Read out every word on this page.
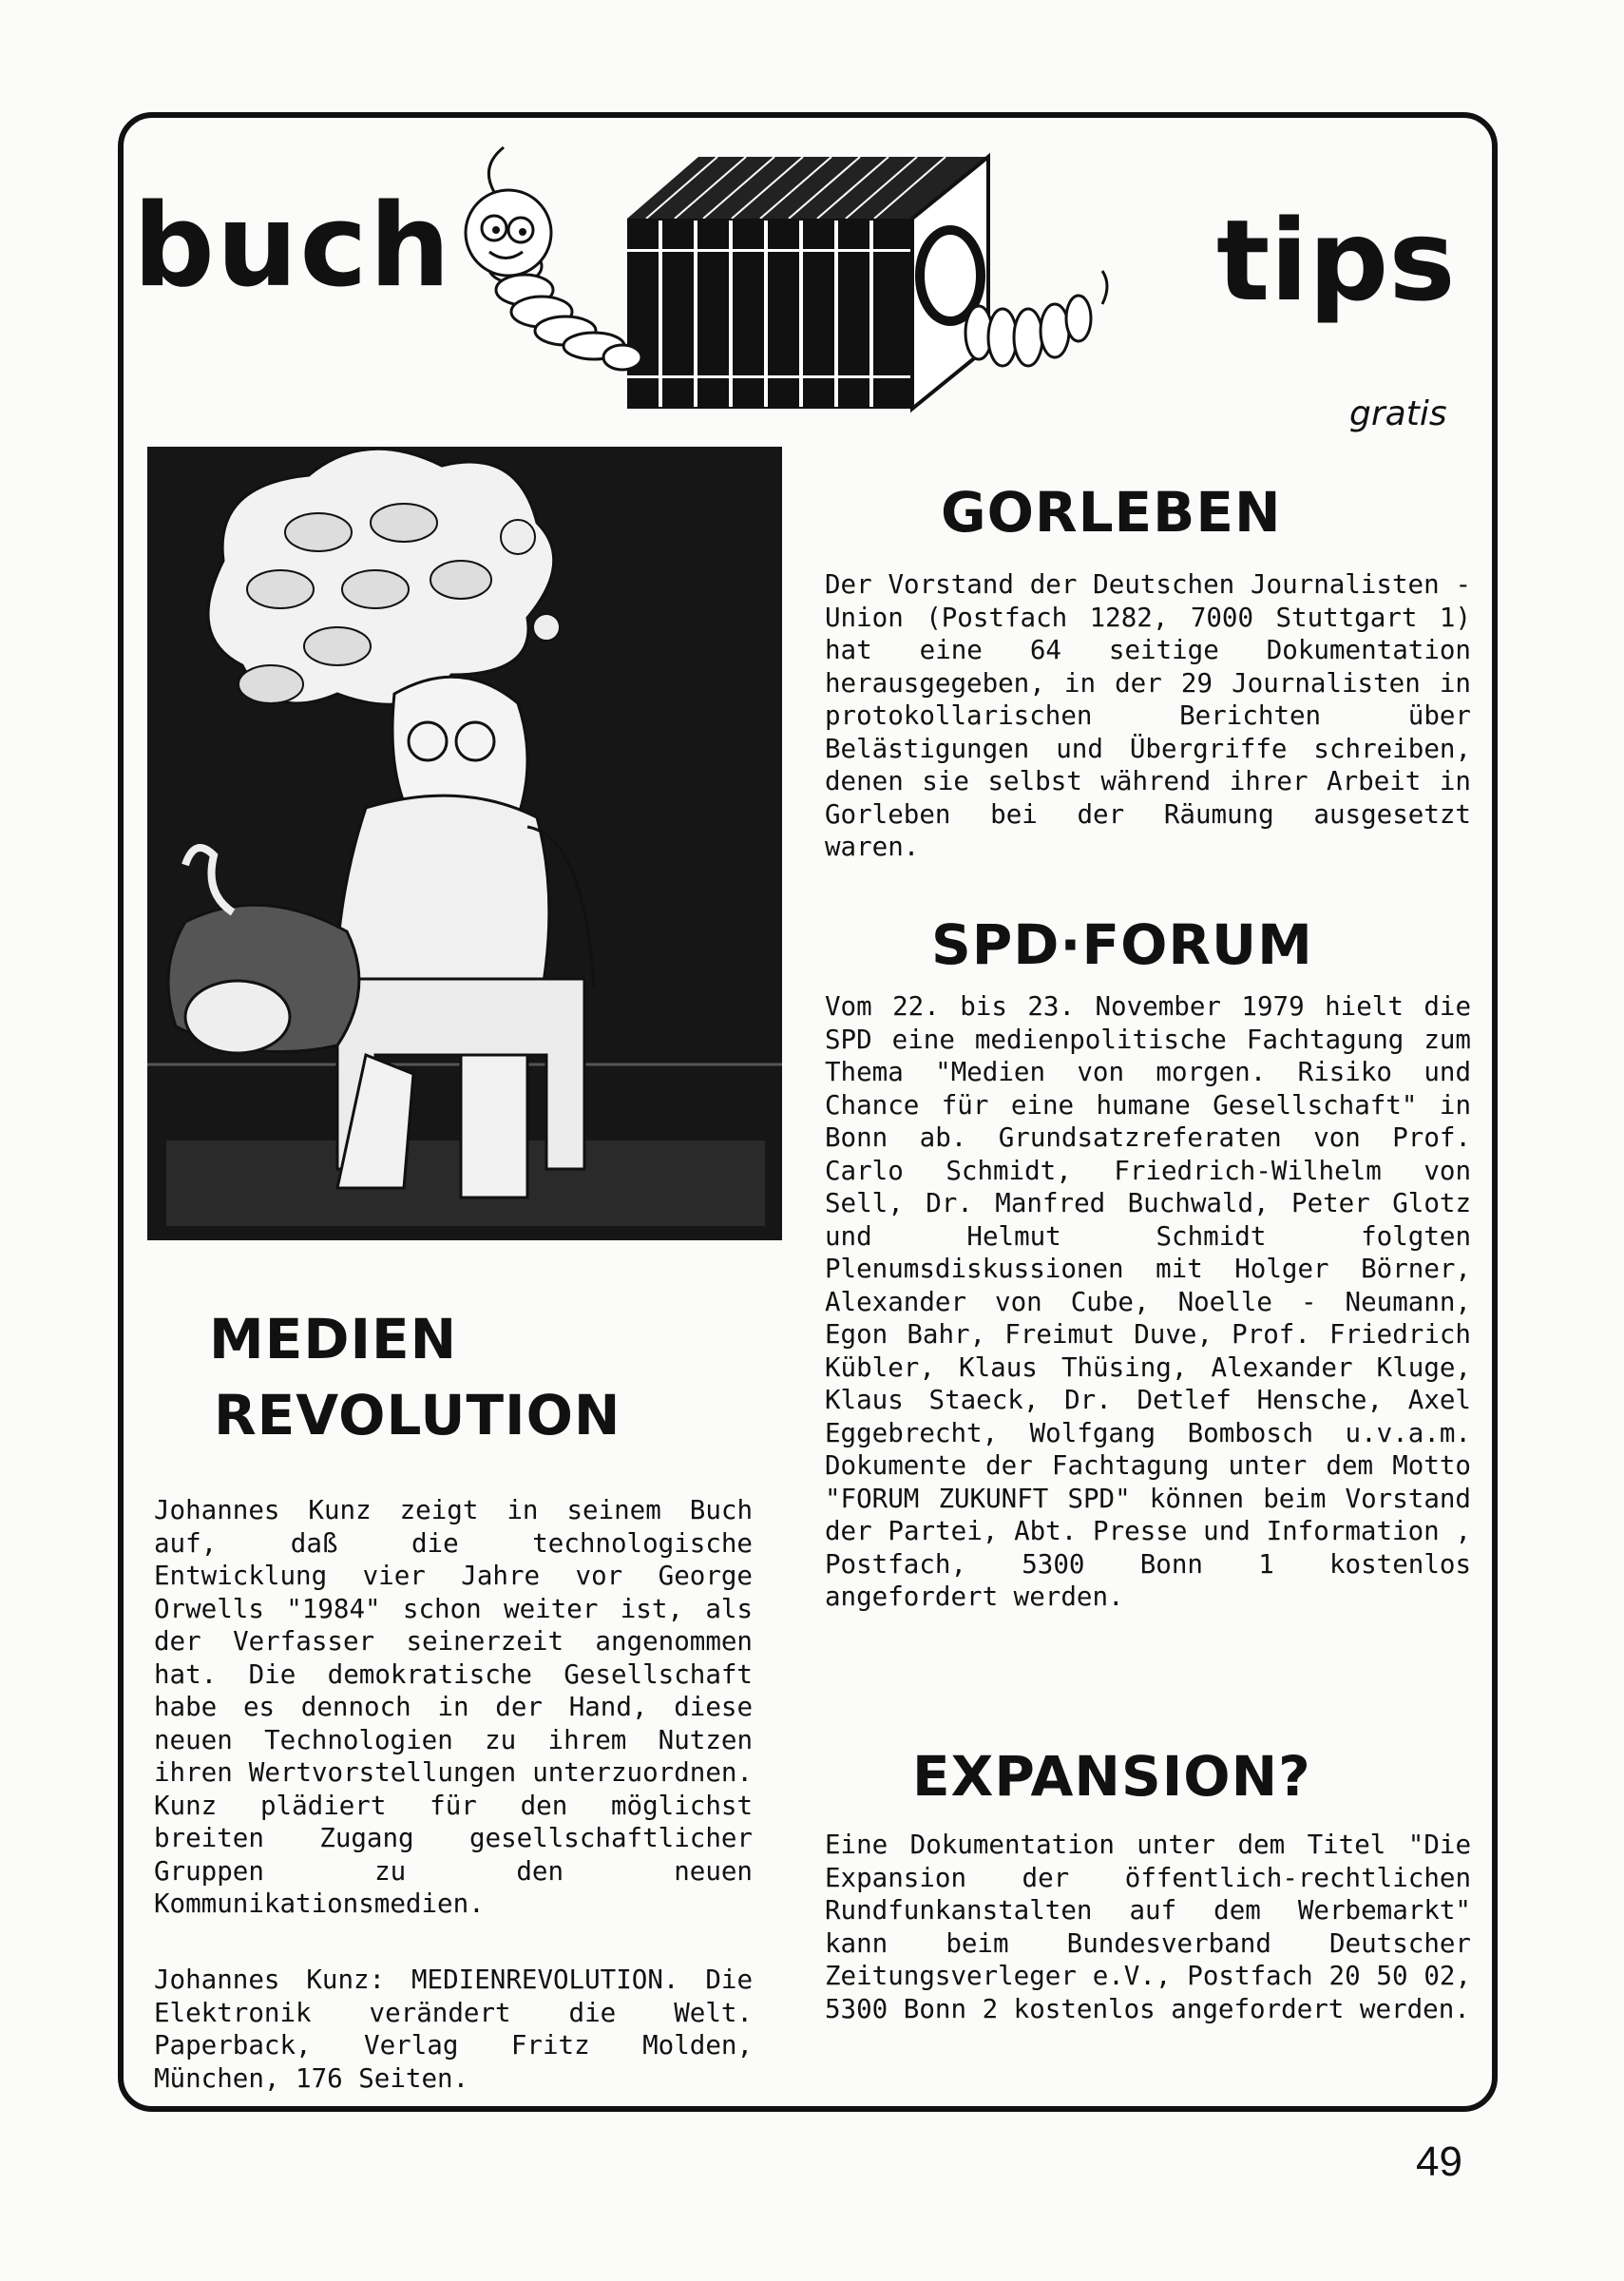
buch	tips
gratis
GORLEBEN

Der Vorstand der Deutschen Journalisten - Union (Postfach 1282, 7000 Stuttgart 1) hat eine 64 seitige Dokumentation herausgegeben, in der 29 Journalisten in protokollarischen Berichten über Belästigungen und Übergriffe schreiben, denen sie selbst während ihrer Arbeit in Gorleben bei der Räumung ausgesetzt waren.

SPD·FORUM

Vom 22. bis 23. November 1979 hielt die SPD eine medienpolitische Fachtagung zum Thema "Medien von morgen. Risiko und Chance für eine humane Gesellschaft" in Bonn ab. Grundsatzreferaten von Prof. Carlo Schmidt, Friedrich-Wilhelm von Sell, Dr. Manfred Buchwald, Peter Glotz und Helmut Schmidt folgten Plenumsdiskussionen mit Holger Börner, Alexander von Cube, Noelle - Neumann, Egon Bahr, Freimut Duve, Prof. Friedrich Kübler, Klaus Thüsing, Alexander Kluge, Klaus Staeck, Dr. Detlef Hensche, Axel Eggebrecht, Wolfgang Bombosch u.v.a.m. Dokumente der Fachtagung unter dem Motto "FORUM ZUKUNFT SPD" können beim Vorstand der Partei, Abt. Presse und Information , Postfach, 5300 Bonn 1 kostenlos angefordert werden.

EXPANSION?

Eine Dokumentation unter dem Titel "Die Expansion der öffentlich-rechtlichen Rundfunkanstalten auf dem Werbemarkt" kann beim Bundesverband Deutscher Zeitungsverleger e.V., Postfach 20 50 02, 5300 Bonn 2 kostenlos angefordert werden.

MEDIEN
REVOLUTION

Johannes Kunz zeigt in seinem Buch auf, daß die technologische Entwicklung vier Jahre vor George Orwells "1984" schon weiter ist, als der Verfasser seinerzeit angenommen hat. Die demokratische Gesellschaft habe es dennoch in der Hand, diese neuen Technologien zu ihrem Nutzen ihren Wertvorstellungen unterzuordnen. Kunz plädiert für den möglichst breiten Zugang gesellschaftlicher Gruppen zu den neuen Kommunikationsmedien.

Johannes Kunz: MEDIENREVOLUTION. Die Elektronik verändert die Welt. Paperback, Verlag Fritz Molden, München, 176 Seiten.

49
